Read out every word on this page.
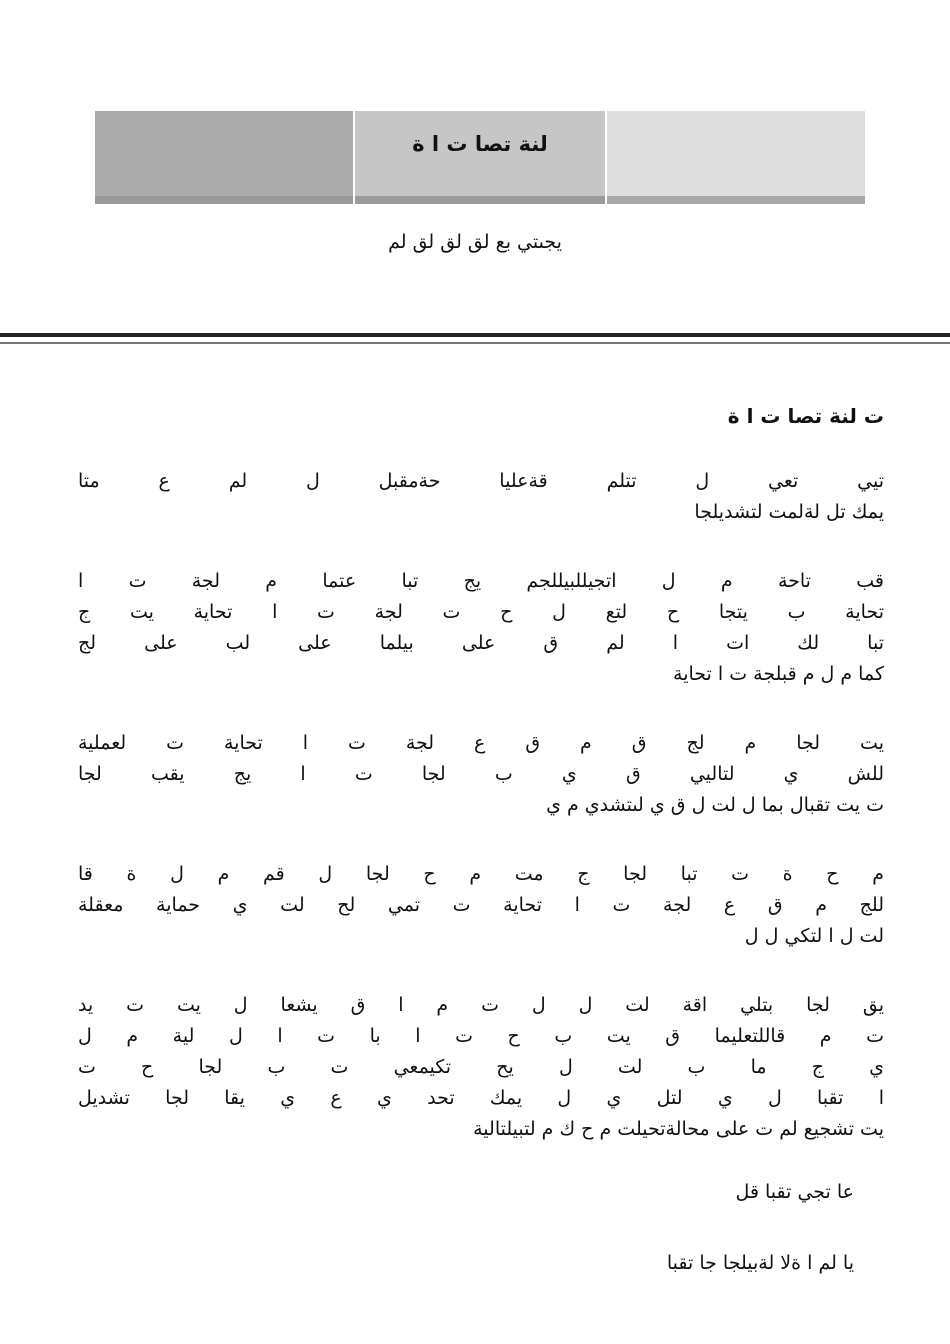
لنة تصا ت ا ة
يجىتي بع لق لق لق لم
ت لنة تصا ت ا ة
تيي تعي ل تتلم قةعليا حةمقبل ل لم ع متا
يمك تل لةلمت لتشديلجا
قب تاحة م ل اتجيللبيللجم يج تبا عتما م لجة ت ا
تحاية ب يتجا ح لتع ل ح ت لجة ت ا تحاية يت ج
تبا لك ات ا لم ق على بيلما على لب على لج
كما م ل م قبلجة ت ا تحاية
يت لجا م لج ق م ق ع لجة ت ا تحاية ت لعملية
للش ي لتاليي ق ي ب لجا ت ا يج يقب لجا
ت يت تقبال بما ل لت ل ق ي لىتشدي م ي
م ح ة ت تبا لجا ج مت م ح لجا ل قم م ل ة قا
للج م ق ع لجة ت ا تحاية ت تمي لح لت ي حماية معقلة
لت ل ا لتكي ل ل
يق لجا بتلي اقة لت ل ل ت م ا ق يشعا ل يت ت يد
ت م قاللتعليما ق يت ب ح ت ا با ت ا ل لية م ل
ي ج ما ب لت ل يح تكيمعي ت ب لجا ح ت
ا تقبا ل ي لتل ي ل يمك تحد ي ع ي يقا لجا تشديل
يت تشجيع لم ت على محالةتحيلت م ح ك م لتبيلتالية
عا تجي تقبا قل
يا لم ا ةلا لةبيلجا جا تقبا
